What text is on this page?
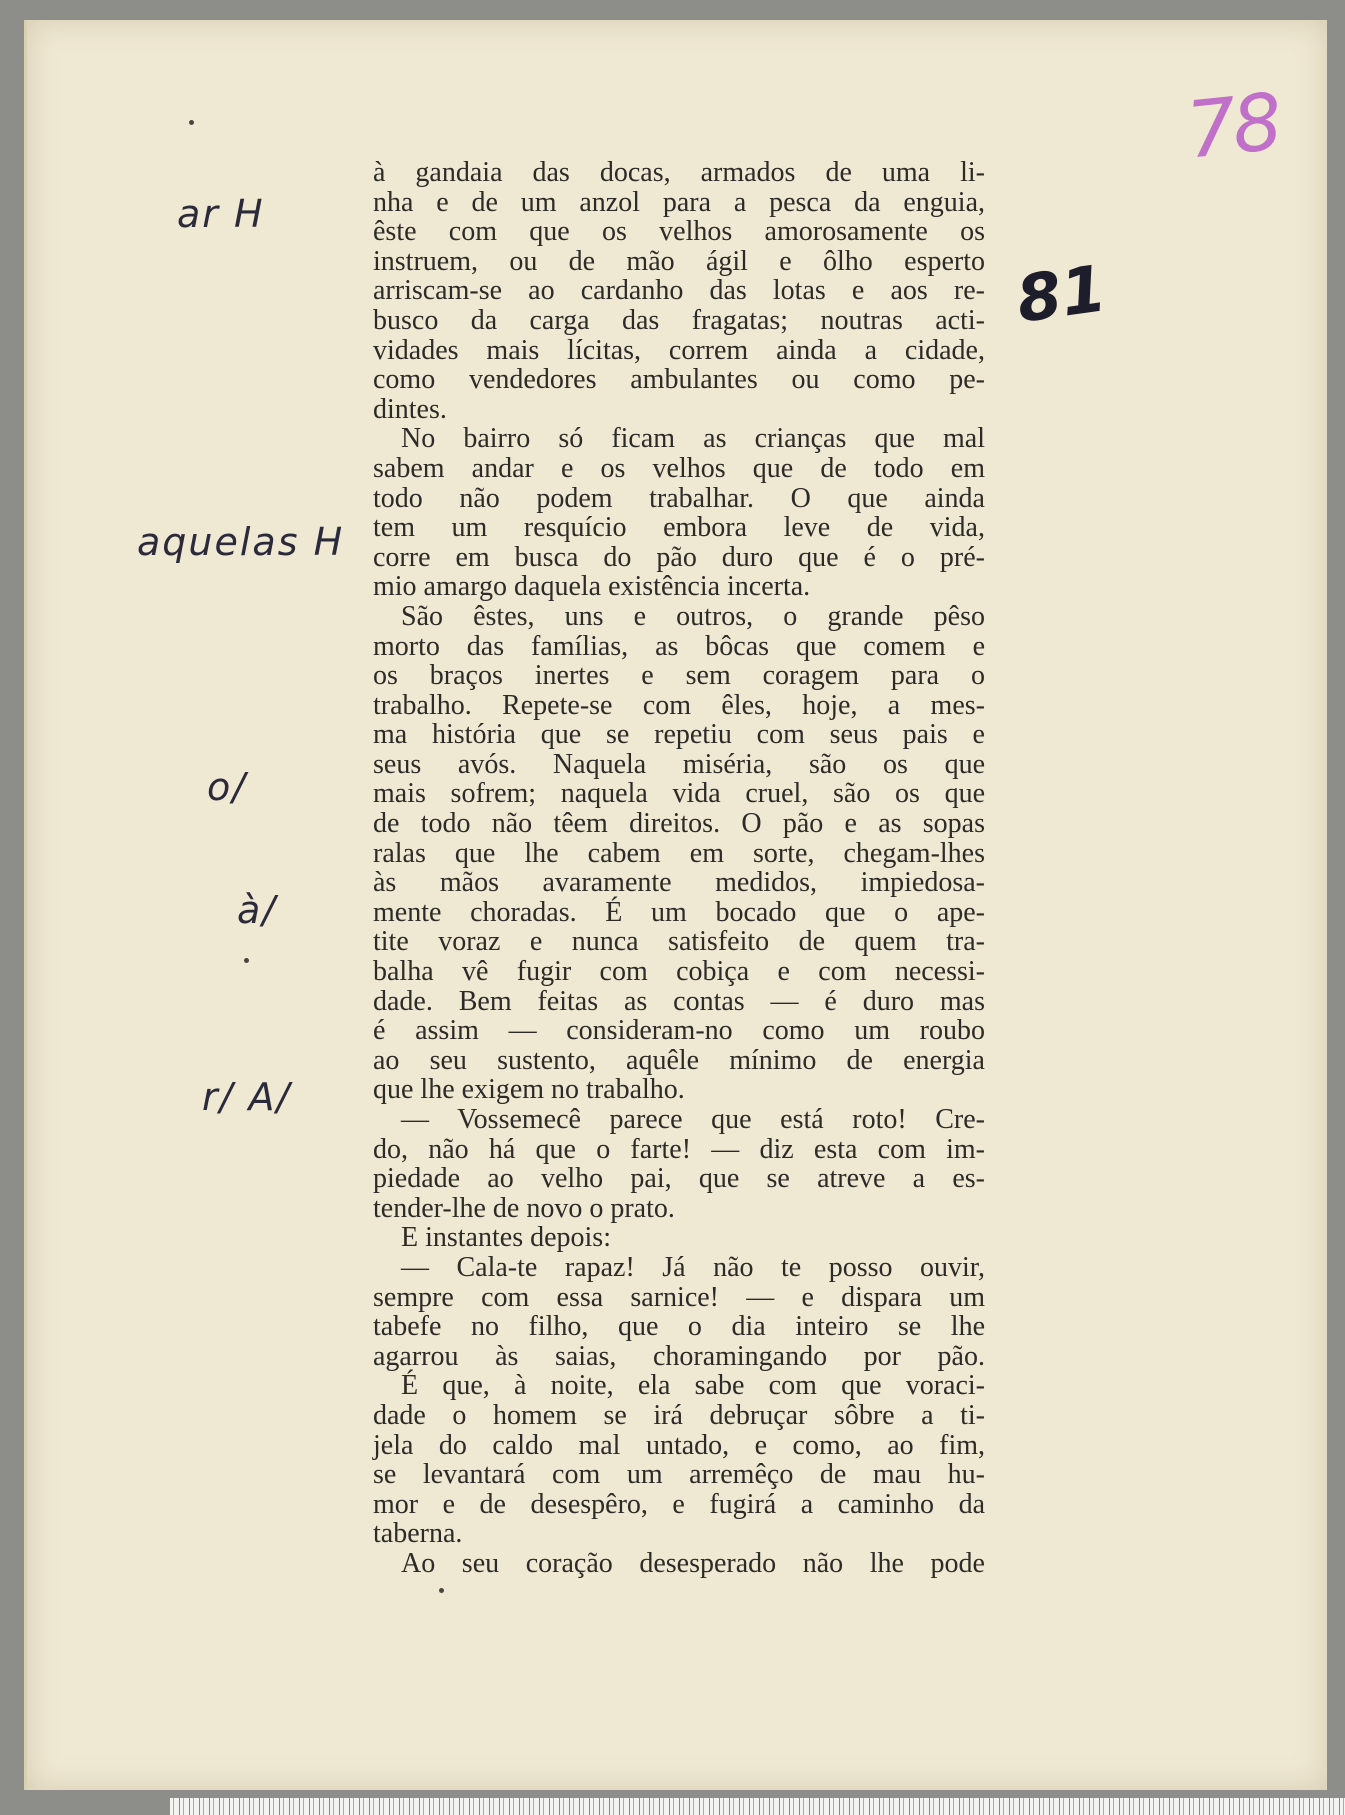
78
81
ar H
aquelas H
o/
à/
r/ A/
à gandaia das docas, armados de uma li-
nha e de um anzol para a pesca da enguia,
êste com que os velhos amorosamente os
instruem, ou de mão ágil e ôlho esperto
arriscam-se ao cardanho das lotas e aos re-
busco da carga das fragatas; noutras acti-
vidades mais lícitas, correm ainda a cidade,
como vendedores ambulantes ou como pe-
dintes.
No bairro só ficam as crianças que mal
sabem andar e os velhos que de todo em
todo não podem trabalhar. O que ainda
tem um resquício embora leve de vida,
corre em busca do pão duro que é o pré-
mio amargo daquela existência incerta.
São êstes, uns e outros, o grande pêso
morto das famílias, as bôcas que comem e
os braços inertes e sem coragem para o
trabalho. Repete-se com êles, hoje, a mes-
ma história que se repetiu com seus pais e
seus avós. Naquela miséria, são os que
mais sofrem; naquela vida cruel, são os que
de todo não têem direitos. O pão e as sopas
ralas que lhe cabem em sorte, chegam-lhes
às mãos avaramente medidos, impiedosa-
mente choradas. É um bocado que o ape-
tite voraz e nunca satisfeito de quem tra-
balha vê fugir com cobiça e com necessi-
dade. Bem feitas as contas — é duro mas
é assim — consideram-no como um roubo
ao seu sustento, aquêle mínimo de energia
que lhe exigem no trabalho.
— Vossemecê parece que está roto! Cre-
do, não há que o farte! — diz esta com im-
piedade ao velho pai, que se atreve a es-
tender-lhe de novo o prato.
E instantes depois:
— Cala-te rapaz! Já não te posso ouvir,
sempre com essa sarnice! — e dispara um
tabefe no filho, que o dia inteiro se lhe
agarrou às saias, choramingando por pão.
É que, à noite, ela sabe com que voraci-
dade o homem se irá debruçar sôbre a ti-
jela do caldo mal untado, e como, ao fim,
se levantará com um arremêço de mau hu-
mor e de desespêro, e fugirá a caminho da
taberna.
Ao seu coração desesperado não lhe pode
